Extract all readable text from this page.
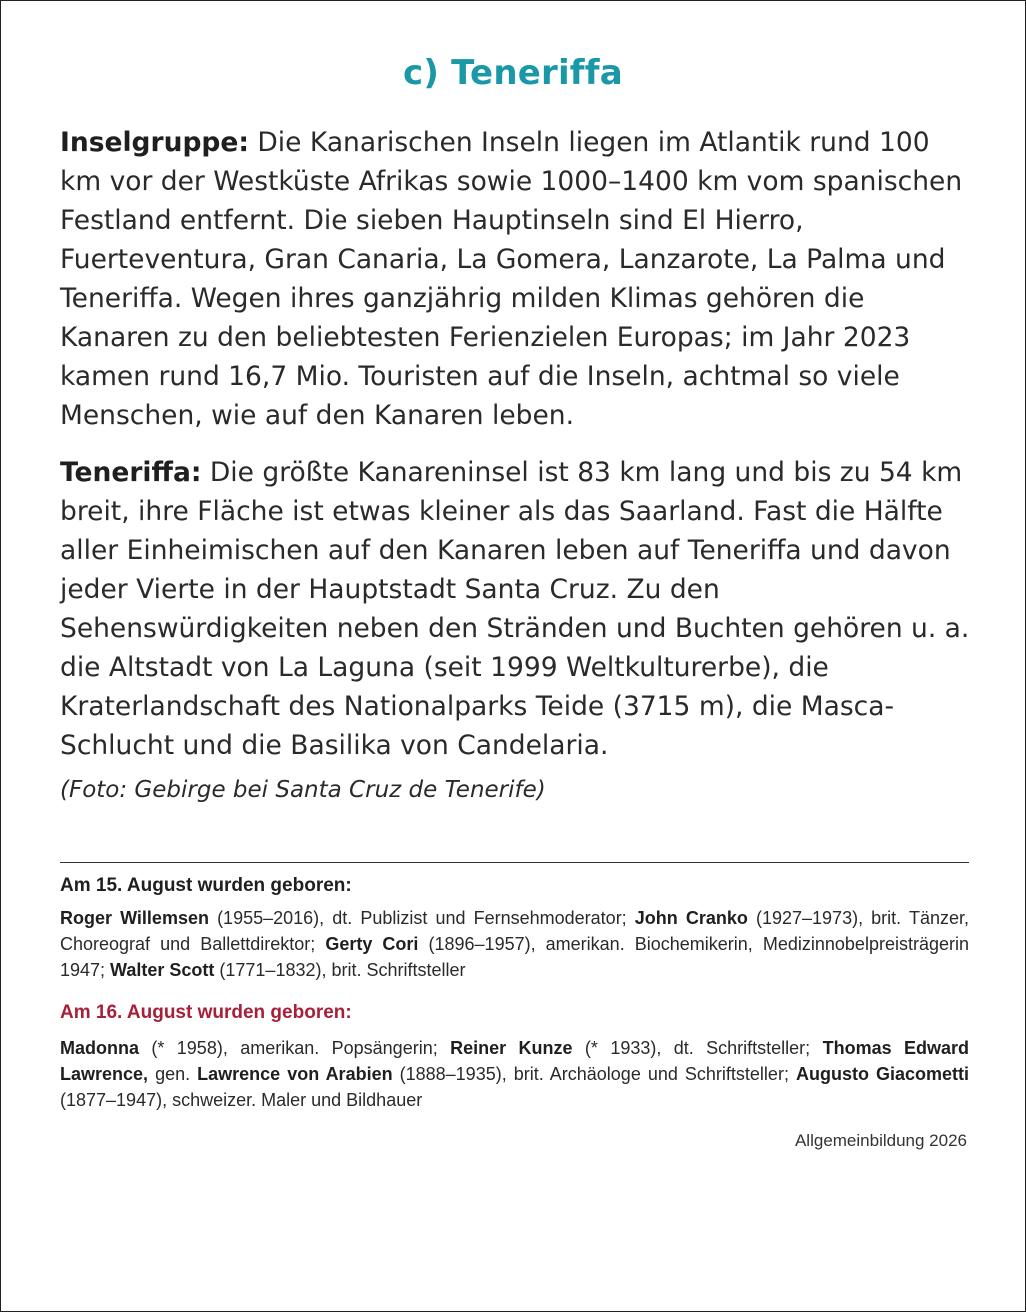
c) Teneriffa

Inselgruppe: Die Kanarischen Inseln liegen im Atlantik rund 100 km vor der Westküste Afrikas sowie 1000–1400 km vom spanischen Festland entfernt. Die sieben Hauptinseln sind El Hierro, Fuerteventura, Gran Canaria, La Gomera, Lanzarote, La Palma und Teneriffa. Wegen ihres ganzjährig milden Klimas gehören die Kanaren zu den beliebtesten Ferienzielen Europas; im Jahr 2023 kamen rund 16,7 Mio. Touristen auf die Inseln, achtmal so viele Menschen, wie auf den Kanaren leben.

Teneriffa: Die größte Kanareninsel ist 83 km lang und bis zu 54 km breit, ihre Fläche ist etwas kleiner als das Saarland. Fast die Hälfte aller Einheimischen auf den Kanaren leben auf Teneriffa und davon jeder Vierte in der Hauptstadt Santa Cruz. Zu den Sehenswürdigkeiten neben den Stränden und Buchten gehören u. a. die Altstadt von La Laguna (seit 1999 Weltkulturerbe), die Kraterlandschaft des Nationalparks Teide (3715 m), die Masca-Schlucht und die Basilika von Candelaria.

(Foto: Gebirge bei Santa Cruz de Tenerife)
Am 15. August wurden geboren:

Roger Willemsen (1955–2016), dt. Publizist und Fernsehmoderator; John Cranko (1927–1973), brit. Tänzer, Choreograf und Ballettdirektor; Gerty Cori (1896–1957), amerikan. Biochemikerin, Medizinnobelpreisträgerin 1947; Walter Scott (1771–1832), brit. Schriftsteller

Am 16. August wurden geboren:

Madonna (* 1958), amerikan. Popsängerin; Reiner Kunze (* 1933), dt. Schriftsteller; Thomas Edward Lawrence, gen. Lawrence von Arabien (1888–1935), brit. Archäologe und Schriftsteller; Augusto Giacometti (1877–1947), schweizer. Maler und Bildhauer

Allgemeinbildung 2026
